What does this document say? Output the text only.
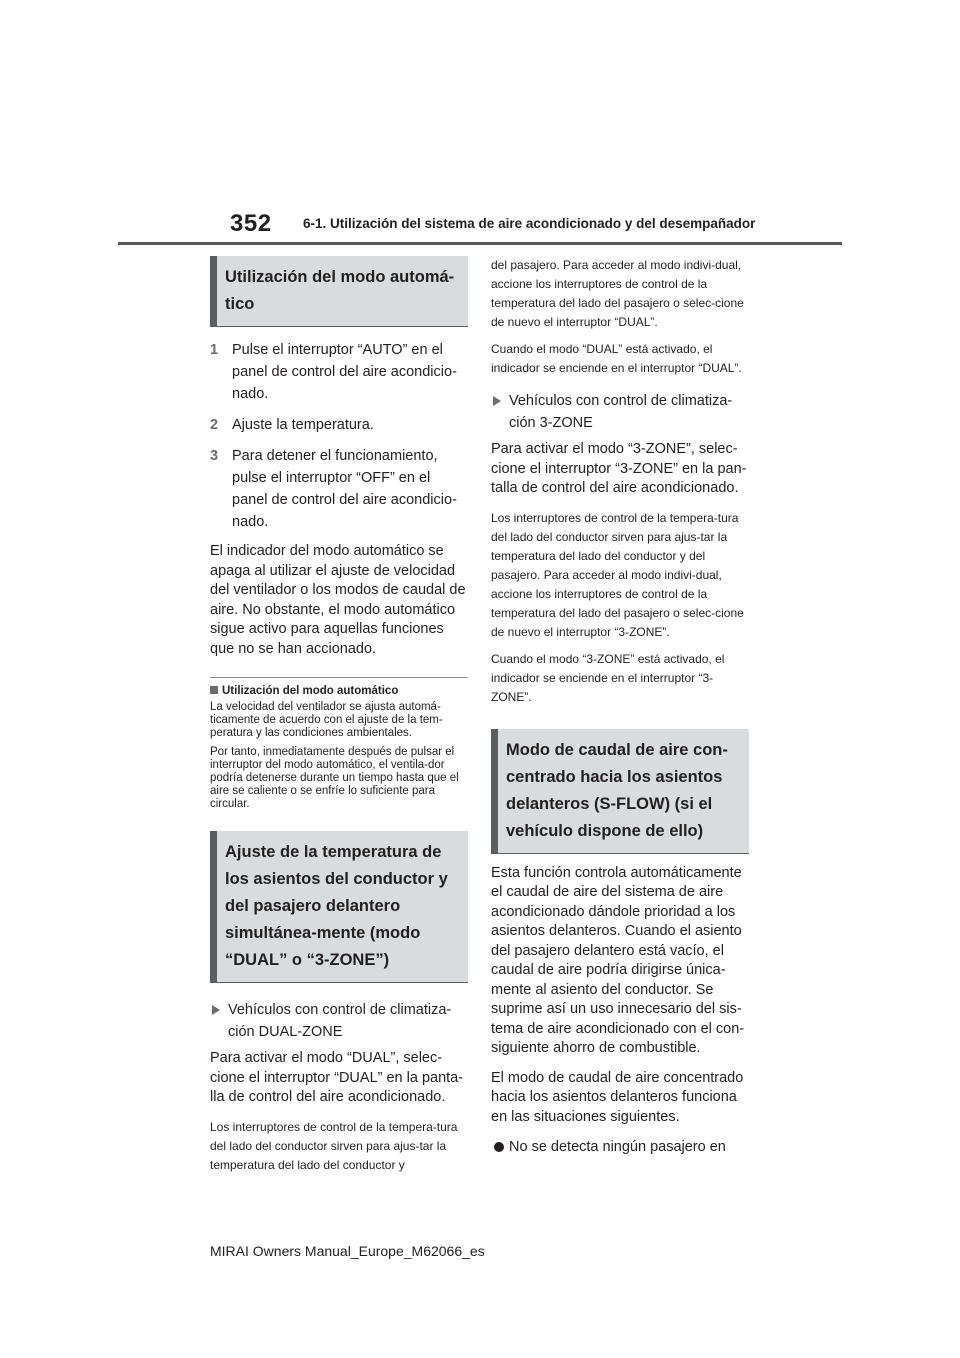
352	6-1. Utilización del sistema de aire acondicionado y del desempañador
Utilización del modo automá-tico
1 Pulse el interruptor “AUTO” en el panel de control del aire acondicio-nado.
2 Ajuste la temperatura.
3 Para detener el funcionamiento, pulse el interruptor “OFF” en el panel de control del aire acondicio-nado.

El indicador del modo automático se apaga al utilizar el ajuste de velocidad del ventilador o los modos de caudal de aire. No obstante, el modo automático sigue activo para aquellas funciones que no se han accionado.

Utilización del modo automático

La velocidad del ventilador se ajusta automá-ticamente de acuerdo con el ajuste de la tem-peratura y las condiciones ambientales.

Por tanto, inmediatamente después de pulsar el interruptor del modo automático, el ventila-dor podría detenerse durante un tiempo hasta que el aire se caliente o se enfríe lo suficiente para circular.

Ajuste de la temperatura de los asientos del conductor y del pasajero delantero simultánea-mente (modo “DUAL” o “3-ZONE”)
Vehículos con control de climatiza-ción DUAL-ZONE

Para activar el modo “DUAL”, selec-cione el interruptor “DUAL” en la panta-lla de control del aire acondicionado.

Los interruptores de control de la tempera-tura del lado del conductor sirven para ajus-tar la temperatura del lado del conductor y

del pasajero. Para acceder al modo indivi-dual, accione los interruptores de control de la temperatura del lado del pasajero o selec-cione de nuevo el interruptor “DUAL”.

Cuando el modo “DUAL” está activado, el indicador se enciende en el interruptor “DUAL”.

Vehículos con control de climatiza-ción 3-ZONE

Para activar el modo “3-ZONE”, selec-cione el interruptor “3-ZONE” en la pan-talla de control del aire acondicionado.

Los interruptores de control de la tempera-tura del lado del conductor sirven para ajus-tar la temperatura del lado del conductor y del pasajero. Para acceder al modo indivi-dual, accione los interruptores de control de la temperatura del lado del pasajero o selec-cione de nuevo el interruptor “3-ZONE”.

Cuando el modo “3-ZONE” está activado, el indicador se enciende en el interruptor “3-ZONE”.

Modo de caudal de aire con-centrado hacia los asientos delanteros (S-FLOW) (si el vehículo dispone de ello)

Esta función controla automáticamente el caudal de aire del sistema de aire acondicionado dándole prioridad a los asientos delanteros. Cuando el asiento del pasajero delantero está vacío, el caudal de aire podría dirigirse única-mente al asiento del conductor. Se suprime así un uso innecesario del sis-tema de aire acondicionado con el con-siguiente ahorro de combustible.

El modo de caudal de aire concentrado hacia los asientos delanteros funciona en las situaciones siguientes.

No se detecta ningún pasajero en
MIRAI Owners Manual_Europe_M62066_es
